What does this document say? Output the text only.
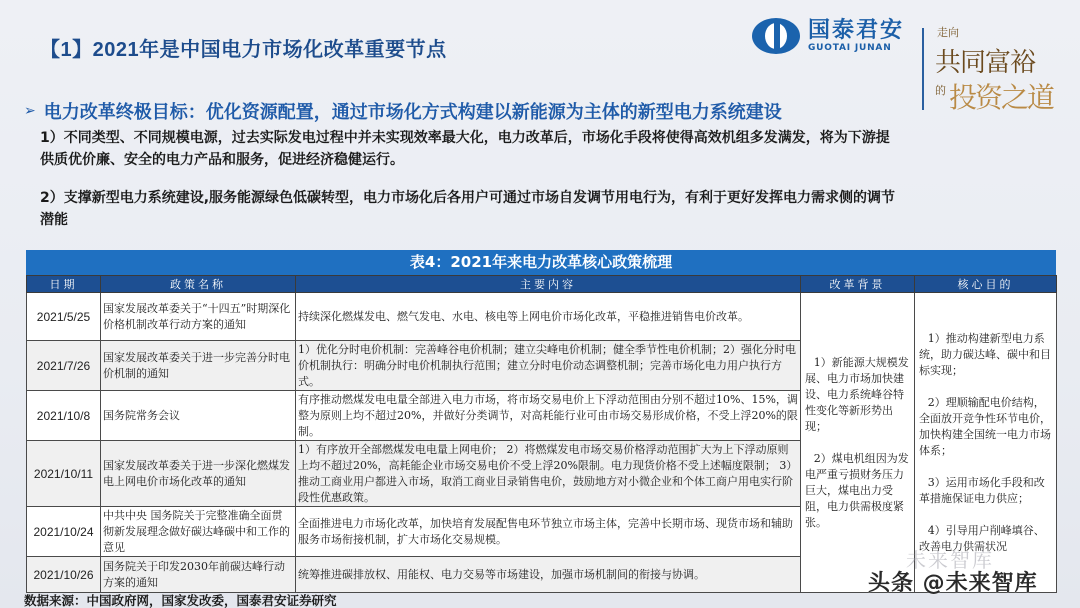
【1】2021年是中国电力市场化改革重要节点
国泰君安
GUOTAI JUNAN
走向
共同富裕
的 投资之道
➢ 电力改革终极目标：优化资源配置，通过市场化方式构建以新能源为主体的新型电力系统建设
1）不同类型、不同规模电源，过去实际发电过程中并未实现效率最大化，电力改革后，市场化手段将使得高效机组多发满发，将为下游提供质优价廉、安全的电力产品和服务，促进经济稳健运行。
2）支撑新型电力系统建设,服务能源绿色低碳转型，电力市场化后各用户可通过市场自发调节用电行为，有利于更好发挥电力需求侧的调节潜能
表4：2021年来电力改革核心政策梳理
日期	政策名称	主要内容	改革背景	核心目的
2021/5/25	国家发展改革委关于“十四五”时期深化价格机制改革行动方案的通知	持续深化燃煤发电、燃气发电、水电、核电等上网电价市场化改革，平稳推进销售电价改革。	

1）新能源大规模发展、电力市场加快建设、电力系统峰谷特性变化等新形势出现；

2）煤电机组因为发电严重亏损财务压力巨大，煤电出力受阻，电力供需极度紧张。

1）推动构建新型电力系统，助力碳达峰、碳中和目标实现；

2）理顺输配电价结构，全面放开竞争性环节电价，加快构建全国统一电力市场体系；

3）运用市场化手段和改革措施保证电力供应；

4）引导用户削峰填谷、改善电力供需状况

2021/7/26	国家发展改革委关于进一步完善分时电价机制的通知	1）优化分时电价机制：完善峰谷电价机制；建立尖峰电价机制；健全季节性电价机制；2）强化分时电价机制执行：明确分时电价机制执行范围；建立分时电价动态调整机制；完善市场化电力用户执行方式。		
2021/10/8	国务院常务会议	有序推动燃煤发电电量全部进入电力市场，将市场交易电价上下浮动范围由分别不超过10%、15%，调整为原则上均不超过20%，并做好分类调节，对高耗能行业可由市场交易形成价格，不受上浮20%的限制。		
2021/10/11	国家发展改革委关于进一步深化燃煤发电上网电价市场化改革的通知	1）有序放开全部燃煤发电电量上网电价； 2）将燃煤发电市场交易价格浮动范围扩大为上下浮动原则上均不超过20%，高耗能企业市场交易电价不受上浮20%限制。电力现货价格不受上述幅度限制； 3）推动工商业用户都进入市场，取消工商业目录销售电价，鼓励地方对小微企业和个体工商户用电实行阶段性优惠政策。		
2021/10/24	中共中央 国务院关于完整准确全面贯彻新发展理念做好碳达峰碳中和工作的意见	全面推进电力市场化改革，加快培育发展配售电环节独立市场主体，完善中长期市场、现货市场和辅助服务市场衔接机制，扩大市场化交易规模。		
2021/10/26	国务院关于印发2030年前碳达峰行动方案的通知	统筹推进碳排放权、用能权、电力交易等市场建设，加强市场机制间的衔接与协调。		
数据来源：中国政府网，国家发改委，国泰君安证券研究
未来智库
头条 @未来智库
